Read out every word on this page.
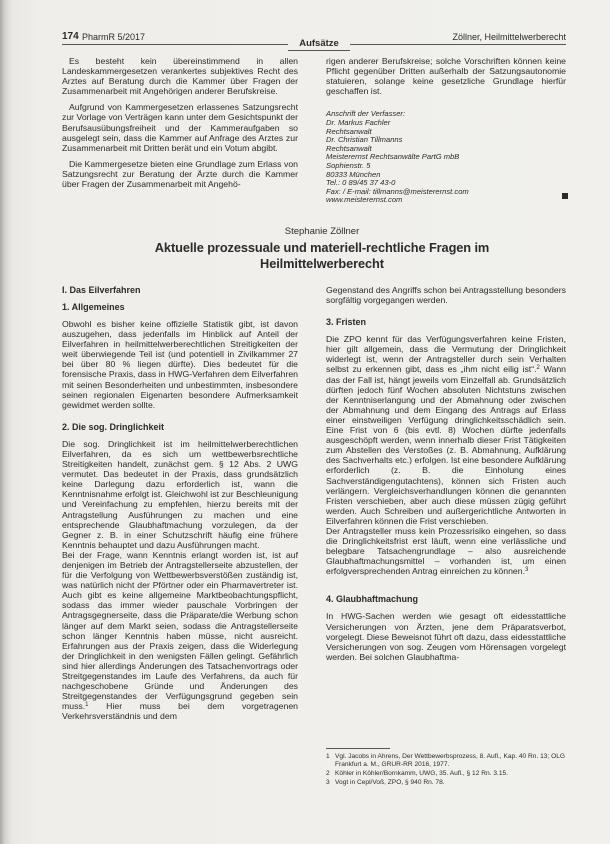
174 PharmR 5/2017
Aufsätze
Zöllner, Heilmittelwerberecht

Es besteht kein übereinstimmend in allen Landeskammergesetzen verankertes subjektives Recht des Arztes auf Beratung durch die Kammer über Fragen der Zusammenarbeit mit Angehörigen anderer Berufskreise.

Aufgrund von Kammergesetzen erlassenes Satzungsrecht zur Vorlage von Verträgen kann unter dem Gesichtspunkt der Berufsausübungsfreiheit und der Kammeraufgaben so ausgelegt sein, dass die Kammer auf Anfrage des Arztes zur Zusammenarbeit mit Dritten berät und ein Votum abgibt.

Die Kammergesetze bieten eine Grundlage zum Erlass von Satzungsrecht zur Beratung der Ärzte durch die Kammer über Fragen der Zusammenarbeit mit Angehö-

rigen anderer Berufskreise; solche Vorschriften können keine Pflicht gegenüber Dritten außerhalb der Satzungsautonomie statuieren, solange keine gesetzliche Grundlage hierfür geschaffen ist.

Anschrift der Verfasser:
Dr. Markus Fachler
Rechtsanwalt
Dr. Christian Tillmanns
Rechtsanwalt
Meisterernst Rechtsanwälte PartG mbB
Sophienstr. 5
80333 München
Tel.: 0 89/45 37 43-0
Fax: / E-mail: tillmanns@meisterernst.com
www.meisterernst.com
Stephanie Zöllner
Aktuelle prozessuale und materiell-rechtliche Fragen im
Heilmittelwerberecht
I. Das Eilverfahren
1. Allgemeines

Obwohl es bisher keine offizielle Statistik gibt, ist davon auszugehen, dass jedenfalls im Hinblick auf Anteil der Eilverfahren in heilmittelwerberechtlichen Streitigkeiten der weit überwiegende Teil ist (und potentiell in Zivilkammer 27 bei über 80 % liegen dürfte). Dies bedeutet für die forensische Praxis, dass in HWG-Verfahren dem Eilverfahren mit seinen Besonderheiten und unbestimmten, insbesondere seinen regionalen Eigenarten besondere Aufmerksamkeit gewidmet werden sollte.

2. Die sog. Dringlichkeit

Die sog. Dringlichkeit ist im heilmittelwerberechtlichen Eilverfahren, da es sich um wettbewerbsrechtliche Streitigkeiten handelt, zunächst gem. § 12 Abs. 2 UWG vermutet. Das bedeutet in der Praxis, dass grundsätzlich keine Darlegung dazu erforderlich ist, wann die Kenntnisnahme erfolgt ist. Gleichwohl ist zur Beschleunigung und Vereinfachung zu empfehlen, hierzu bereits mit der Antragstellung Ausführungen zu machen und eine entsprechende Glaubhaftmachung vorzulegen, da der Gegner z. B. in einer Schutzschrift häufig eine frühere Kenntnis behauptet und dazu Ausführungen macht.

Bei der Frage, wann Kenntnis erlangt worden ist, ist auf denjenigen im Betrieb der Antragstellerseite abzustellen, der für die Verfolgung von Wettbewerbsverstößen zuständig ist, was natürlich nicht der Pförtner oder ein Pharmavertreter ist. Auch gibt es keine allgemeine Marktbeobachtungspflicht, sodass das immer wieder pauschale Vorbringen der Antragsgegnerseite, dass die Präparate/die Werbung schon länger auf dem Markt seien, sodass die Antragstellerseite schon länger Kenntnis haben müsse, nicht ausreicht. Erfahrungen aus der Praxis zeigen, dass die Widerlegung der Dringlichkeit in den wenigsten Fällen gelingt. Gefährlich sind hier allerdings Änderungen des Tatsachenvortrags oder Streitgegenstandes im Laufe des Verfahrens, da auch für nachgeschobene Gründe und Änderungen des Streitgegenstandes der Verfügungsgrund gegeben sein muss.$^1$ Hier muss bei dem vorgetragenen Verkehrsverständnis und dem

Gegenstand des Angriffs schon bei Antragsstellung besonders sorgfältig vorgegangen werden.

3. Fristen

Die ZPO kennt für das Verfügungsverfahren keine Fristen, hier gilt allgemein, dass die Vermutung der Dringlichkeit widerlegt ist, wenn der Antragsteller durch sein Verhalten selbst zu erkennen gibt, dass es „ihm nicht eilig ist“.$^2$ Wann das der Fall ist, hängt jeweils vom Einzelfall ab. Grundsätzlich dürften jedoch fünf Wochen absoluten Nichtstuns zwischen der Kenntniserlangung und der Abmahnung oder zwischen der Abmahnung und dem Eingang des Antrags auf Erlass einer einstweiligen Verfügung dringlichkeitsschädlich sein. Eine Frist von 6 (bis evtl. 8) Wochen dürfte jedenfalls ausgeschöpft werden, wenn innerhalb dieser Frist Tätigkeiten zum Abstellen des Verstoßes (z. B. Abmahnung, Aufklärung des Sachverhalts etc.) erfolgen. Ist eine besondere Aufklärung erforderlich (z. B. die Einholung eines Sachverständigengutachtens), können sich Fristen auch verlängern. Vergleichsverhandlungen können die genannten Fristen verschieben, aber auch diese müssen zügig geführt werden. Auch Schreiben und außergerichtliche Antworten in Eilverfahren können die Frist verschieben.

Der Antragsteller muss kein Prozessrisiko eingehen, so dass die Dringlichkeitsfrist erst läuft, wenn eine verlässliche und belegbare Tatsachengrundlage – also ausreichende Glaubhaftmachungsmittel – vorhanden ist, um einen erfolgversprechenden Antrag einreichen zu können.$^3$

4. Glaubhaftmachung

In HWG-Sachen werden wie gesagt oft eidesstattliche Versicherungen von Ärzten, jene dem Präparatsverbot, vorgelegt. Diese Beweisnot führt oft dazu, dass eidesstattliche Versicherungen von sog. Zeugen vom Hörensagen vorgelegt werden. Bei solchen Glaubhaftma-

1 Vgl. Jacobs in Ahrens, Der Wettbewerbsprozess, 8. Aufl., Kap. 40 Rn. 13; OLG Frankfurt a. M., GRUR-RR 2016, 1977.
2 Köhler in Köhler/Bornkamm, UWG, 35. Aufl., § 12 Rn. 3.15.
3 Vogt in Cepl/Voß, ZPO, § 940 Rn. 78.
